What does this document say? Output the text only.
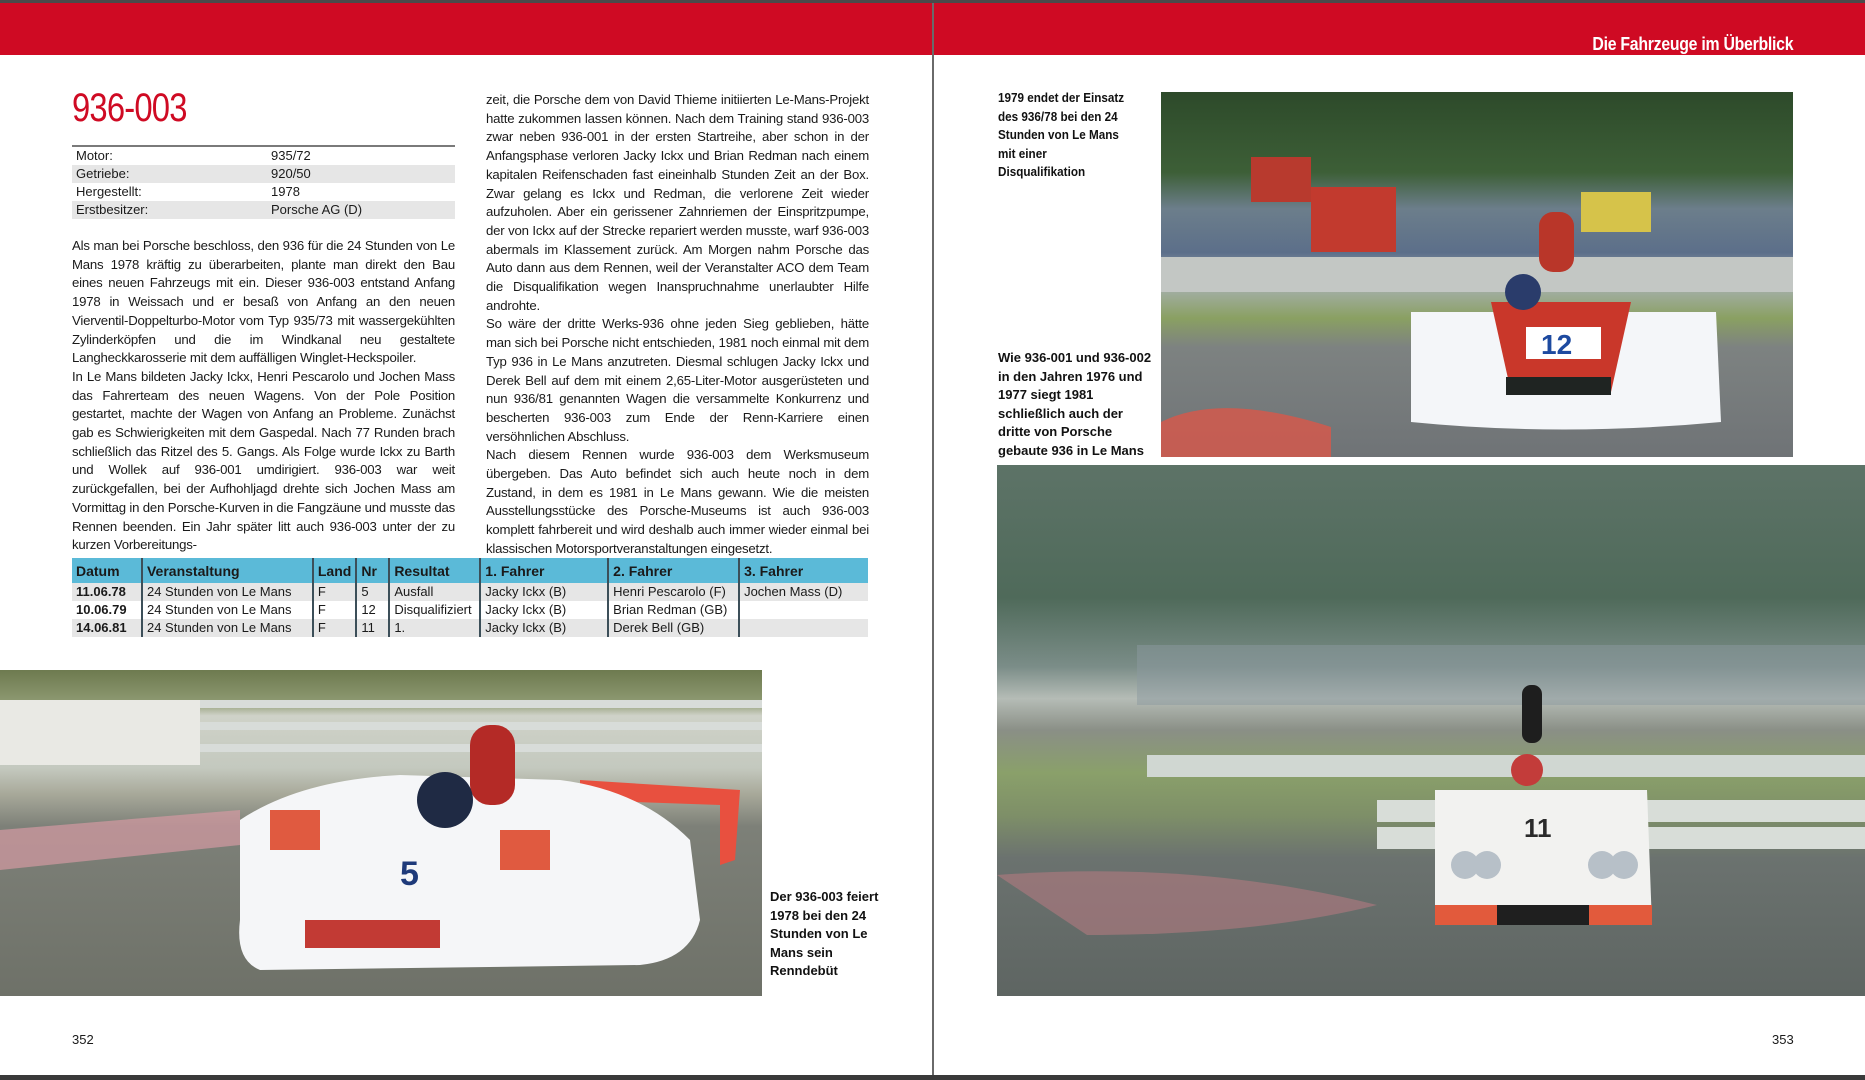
Die Fahrzeuge im Überblick
936-003
Motor:	935/72
Getriebe:	920/50
Hergestellt:	1978
Erstbesitzer:	Porsche AG (D)

Als man bei Porsche beschloss, den 936 für die 24 Stunden von Le Mans 1978 kräftig zu überarbeiten, plante man direkt den Bau eines neuen Fahrzeugs mit ein. Dieser 936-003 entstand Anfang 1978 in Weissach und er besaß von Anfang an den neuen Vierventil-Doppelturbo-Motor vom Typ 935/73 mit wassergekühlten Zylinderköpfen und die im Windkanal neu gestaltete Langheckkarosserie mit dem auffälligen Winglet-Heckspoiler.

In Le Mans bildeten Jacky Ickx, Henri Pescarolo und Jochen Mass das Fahrerteam des neuen Wagens. Von der Pole Position gestartet, machte der Wagen von Anfang an Probleme. Zunächst gab es Schwierigkeiten mit dem Gaspedal. Nach 77 Runden brach schließlich das Ritzel des 5. Gangs. Als Folge wurde Ickx zu Barth und Wollek auf 936-001 umdirigiert. 936-003 war weit zurückgefallen, bei der Aufhohljagd drehte sich Jochen Mass am Vormittag in den Porsche-Kurven in die Fangzäune und musste das Rennen beenden. Ein Jahr später litt auch 936-003 unter der zu kurzen Vorbereitungs-

zeit, die Porsche dem von David Thieme initiierten Le-Mans-Projekt hatte zukommen lassen können. Nach dem Training stand 936-003 zwar neben 936-001 in der ersten Startreihe, aber schon in der Anfangsphase verloren Jacky Ickx und Brian Redman nach einem kapitalen Reifenschaden fast eineinhalb Stunden Zeit an der Box. Zwar gelang es Ickx und Redman, die verlorene Zeit wieder aufzuholen. Aber ein gerissener Zahnriemen der Einspritzpumpe, der von Ickx auf der Strecke repariert werden musste, warf 936-003 abermals im Klassement zurück. Am Morgen nahm Porsche das Auto dann aus dem Rennen, weil der Veranstalter ACO dem Team die Disqualifikation wegen Inanspruchnahme unerlaubter Hilfe androhte.

So wäre der dritte Werks-936 ohne jeden Sieg geblieben, hätte man sich bei Porsche nicht entschieden, 1981 noch einmal mit dem Typ 936 in Le Mans anzutreten. Diesmal schlugen Jacky Ickx und Derek Bell auf dem mit einem 2,65-Liter-Motor ausgerüsteten und nun 936/81 genannten Wagen die versammelte Konkurrenz und bescherten 936-003 zum Ende der Renn-Karriere einen versöhnlichen Abschluss.

Nach diesem Rennen wurde 936-003 dem Werksmuseum übergeben. Das Auto befindet sich auch heute noch in dem Zustand, in dem es 1981 in Le Mans gewann. Wie die meisten Ausstellungsstücke des Porsche-Museums ist auch 936-003 komplett fahrbereit und wird deshalb auch immer wieder einmal bei klassischen Motorsportveranstaltungen eingesetzt.

Datum	Veranstaltung	Land	Nr	Resultat	1. Fahrer	2. Fahrer	3. Fahrer
11.06.78	24 Stunden von Le Mans	F	5	Ausfall	Jacky Ickx (B)	Henri Pescarolo (F)	Jochen Mass (D)
10.06.79	24 Stunden von Le Mans	F	12	Disqualifiziert	Jacky Ickx (B)	Brian Redman (GB)	
14.06.81	24 Stunden von Le Mans	F	11	1.	Jacky Ickx (B)	Derek Bell (GB)	
5
Der 936-003 feiert 1978 bei den 24 Stunden von Le Mans sein Renndebüt
352
1979 endet der Einsatz des 936/78 bei den 24 Stunden von Le Mans mit einer Disqualifikation
12
Wie 936-001 und 936-002 in den Jahren 1976 und 1977 siegt 1981 schließlich auch der dritte von Porsche gebaute 936 in Le Mans
11
353
